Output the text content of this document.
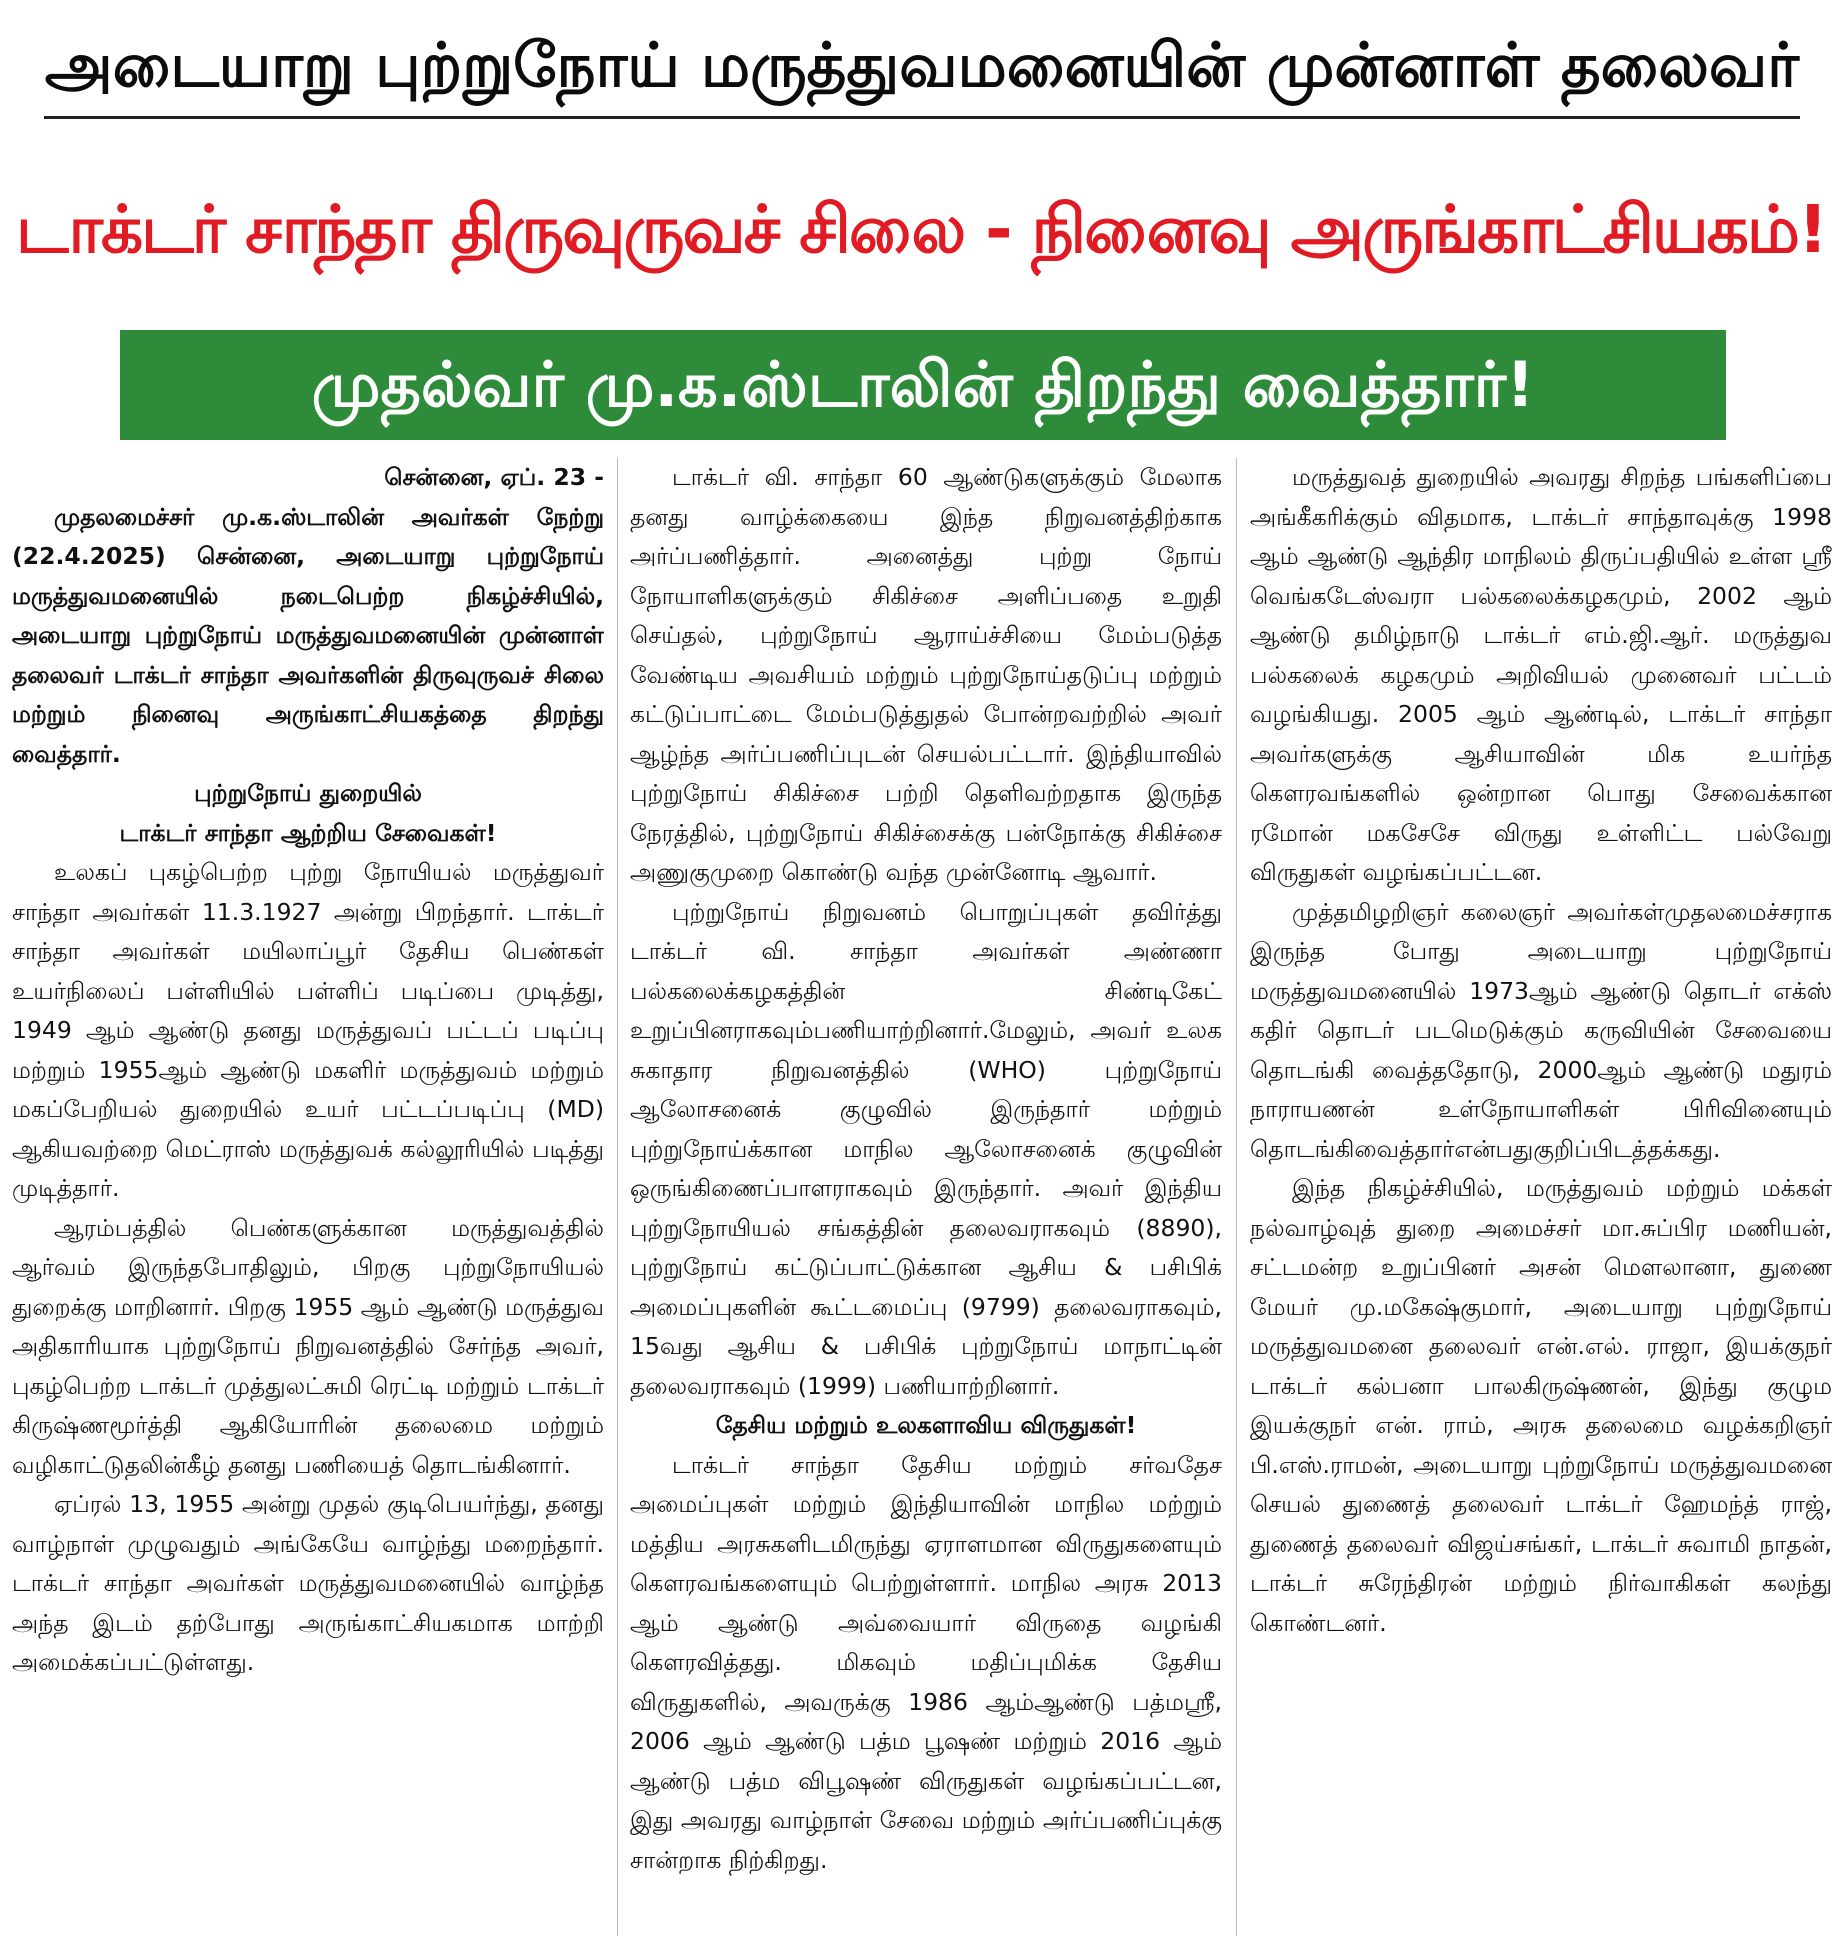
அடையாறு புற்றுநோய் மருத்துவமனையின் முன்னாள் தலைவர்
டாக்டர் சாந்தா திருவுருவச் சிலை - நினைவு அருங்காட்சியகம்!
முதல்வர் மு.க.ஸ்டாலின் திறந்து வைத்தார்!

சென்னை, ஏப். 23 -

முதலமைச்சர் மு.க.ஸ்டாலின் அவர்கள் நேற்று (22.4.2025) சென்னை, அடையாறு புற்றுநோய் மருத்துவமனையில் நடைபெற்ற நிகழ்ச்சியில், அடையாறு புற்றுநோய் மருத்துவமனையின் முன்னாள் தலைவர் டாக்டர் சாந்தா அவர்களின் திருவுருவச் சிலை மற்றும் நினைவு அருங்காட்சியகத்தை திறந்து வைத்தார்.

புற்றுநோய் துறையில்
டாக்டர் சாந்தா ஆற்றிய சேவைகள்!

உலகப் புகழ்பெற்ற புற்று நோயியல் மருத்துவர் சாந்தா அவர்கள் 11.3.1927 அன்று பிறந்தார். டாக்டர் சாந்தா அவர்கள் மயிலாப்பூர் தேசிய பெண்கள் உயர்நிலைப் பள்ளியில் பள்ளிப் படிப்பை முடித்து, 1949 ஆம் ஆண்டு தனது மருத்துவப் பட்டப் படிப்பு மற்றும் 1955ஆம் ஆண்டு மகளிர் மருத்துவம் மற்றும் மகப்பேறியல் துறையில் உயர் பட்டப்படிப்பு (MD) ஆகியவற்றை மெட்ராஸ் மருத்துவக் கல்லூரியில் படித்து முடித்தார்.

ஆரம்பத்தில் பெண்களுக்கான மருத்துவத்தில் ஆர்வம் இருந்தபோதிலும், பிறகு புற்றுநோயியல் துறைக்கு மாறினார். பிறகு 1955 ஆம் ஆண்டு மருத்துவ அதிகாரியாக புற்றுநோய் நிறுவனத்தில் சேர்ந்த அவர், புகழ்பெற்ற டாக்டர் முத்துலட்சுமி ரெட்டி மற்றும் டாக்டர் கிருஷ்ணமூர்த்தி ஆகியோரின் தலைமை மற்றும் வழிகாட்டுதலின்கீழ் தனது பணியைத் தொடங்கினார்.

ஏப்ரல் 13, 1955 அன்று முதல் குடிபெயர்ந்து, தனது வாழ்நாள் முழுவதும் அங்கேயே வாழ்ந்து மறைந்தார். டாக்டர் சாந்தா அவர்கள் மருத்துவமனையில் வாழ்ந்த அந்த இடம் தற்போது அருங்காட்சியகமாக மாற்றி அமைக்கப்பட்டுள்ளது.

டாக்டர் வி. சாந்தா 60 ஆண்டுகளுக்கும் மேலாக தனது வாழ்க்கையை இந்த நிறுவனத்திற்காக அர்ப்பணித்தார். அனைத்து புற்று நோய் நோயாளிகளுக்கும் சிகிச்சை அளிப்பதை உறுதி செய்தல், புற்றுநோய் ஆராய்ச்சியை மேம்படுத்த வேண்டிய அவசியம் மற்றும் புற்றுநோய்தடுப்பு மற்றும் கட்டுப்பாட்டை மேம்படுத்துதல் போன்றவற்றில் அவர் ஆழ்ந்த அர்ப்பணிப்புடன் செயல்பட்டார். இந்தியாவில் புற்றுநோய் சிகிச்சை பற்றி தெளிவற்றதாக இருந்த நேரத்தில், புற்றுநோய் சிகிச்சைக்கு பன்நோக்கு சிகிச்சை அணுகுமுறை கொண்டு வந்த முன்னோடி ஆவார்.

புற்றுநோய் நிறுவனம் பொறுப்புகள் தவிர்த்து டாக்டர் வி. சாந்தா அவர்கள் அண்ணா பல்கலைக்கழகத்தின் சிண்டிகேட் உறுப்பினராகவும்பணியாற்றினார்.மேலும், அவர் உலக சுகாதார நிறுவனத்தில் (WHO) புற்றுநோய் ஆலோசனைக் குழுவில் இருந்தார் மற்றும் புற்றுநோய்க்கான மாநில ஆலோசனைக் குழுவின் ஒருங்கிணைப்பாளராகவும் இருந்தார். அவர் இந்திய புற்றுநோயியல் சங்கத்தின் தலைவராகவும் (8890), புற்றுநோய் கட்டுப்பாட்டுக்கான ஆசிய & பசிபிக் அமைப்புகளின் கூட்டமைப்பு (9799) தலைவராகவும், 15வது ஆசிய & பசிபிக் புற்றுநோய் மாநாட்டின் தலைவராகவும் (1999) பணியாற்றினார்.

தேசிய மற்றும் உலகளாவிய விருதுகள்!

டாக்டர் சாந்தா தேசிய மற்றும் சர்வதேச அமைப்புகள் மற்றும் இந்தியாவின் மாநில மற்றும் மத்திய அரசுகளிடமிருந்து ஏராளமான விருதுகளையும் கௌரவங்களையும் பெற்றுள்ளார். மாநில அரசு 2013 ஆம் ஆண்டு அவ்வையார் விருதை வழங்கி கௌரவித்தது. மிகவும் மதிப்புமிக்க தேசிய விருதுகளில், அவருக்கு 1986 ஆம்ஆண்டு பத்மஸ்ரீ, 2006 ஆம் ஆண்டு பத்ம பூஷண் மற்றும் 2016 ஆம் ஆண்டு பத்ம விபூஷண் விருதுகள் வழங்கப்பட்டன, இது அவரது வாழ்நாள் சேவை மற்றும் அர்ப்பணிப்புக்கு சான்றாக நிற்கிறது.

மருத்துவத் துறையில் அவரது சிறந்த பங்களிப்பை அங்கீகரிக்கும் விதமாக, டாக்டர் சாந்தாவுக்கு 1998 ஆம் ஆண்டு ஆந்திர மாநிலம் திருப்பதியில் உள்ள ஸ்ரீ வெங்கடேஸ்வரா பல்கலைக்கழகமும், 2002 ஆம் ஆண்டு தமிழ்நாடு டாக்டர் எம்.ஜி.ஆர். மருத்துவ பல்கலைக் கழகமும் அறிவியல் முனைவர் பட்டம் வழங்கியது. 2005 ஆம் ஆண்டில், டாக்டர் சாந்தா அவர்களுக்கு ஆசியாவின் மிக உயர்ந்த கௌரவங்களில் ஒன்றான பொது சேவைக்கான ரமோன் மகசேசே விருது உள்ளிட்ட பல்வேறு விருதுகள் வழங்கப்பட்டன.

முத்தமிழறிஞர் கலைஞர் அவர்கள்முதலமைச்சராக இருந்த போது அடையாறு புற்றுநோய் மருத்துவமனையில் 1973ஆம் ஆண்டு தொடர் எக்ஸ் கதிர் தொடர் படமெடுக்கும் கருவியின் சேவையை தொடங்கி வைத்ததோடு, 2000ஆம் ஆண்டு மதுரம் நாராயணன் உள்நோயாளிகள் பிரிவினையும் தொடங்கிவைத்தார்என்பதுகுறிப்பிடத்தக்கது.

இந்த நிகழ்ச்சியில், மருத்துவம் மற்றும் மக்கள் நல்வாழ்வுத் துறை அமைச்சர் மா.சுப்பிர மணியன், சட்டமன்ற உறுப்பினர் அசன் மௌலானா, துணை மேயர் மு.மகேஷ்குமார், அடையாறு புற்றுநோய் மருத்துவமனை தலைவர் என்.எல். ராஜா, இயக்குநர் டாக்டர் கல்பனா பாலகிருஷ்ணன், இந்து குழும இயக்குநர் என். ராம், அரசு தலைமை வழக்கறிஞர் பி.எஸ்.ராமன், அடையாறு புற்றுநோய் மருத்துவமனை செயல் துணைத் தலைவர் டாக்டர் ஹேமந்த் ராஜ், துணைத் தலைவர் விஜய்சங்கர், டாக்டர் சுவாமி நாதன், டாக்டர் சுரேந்திரன் மற்றும் நிர்வாகிகள் கலந்து கொண்டனர்.
